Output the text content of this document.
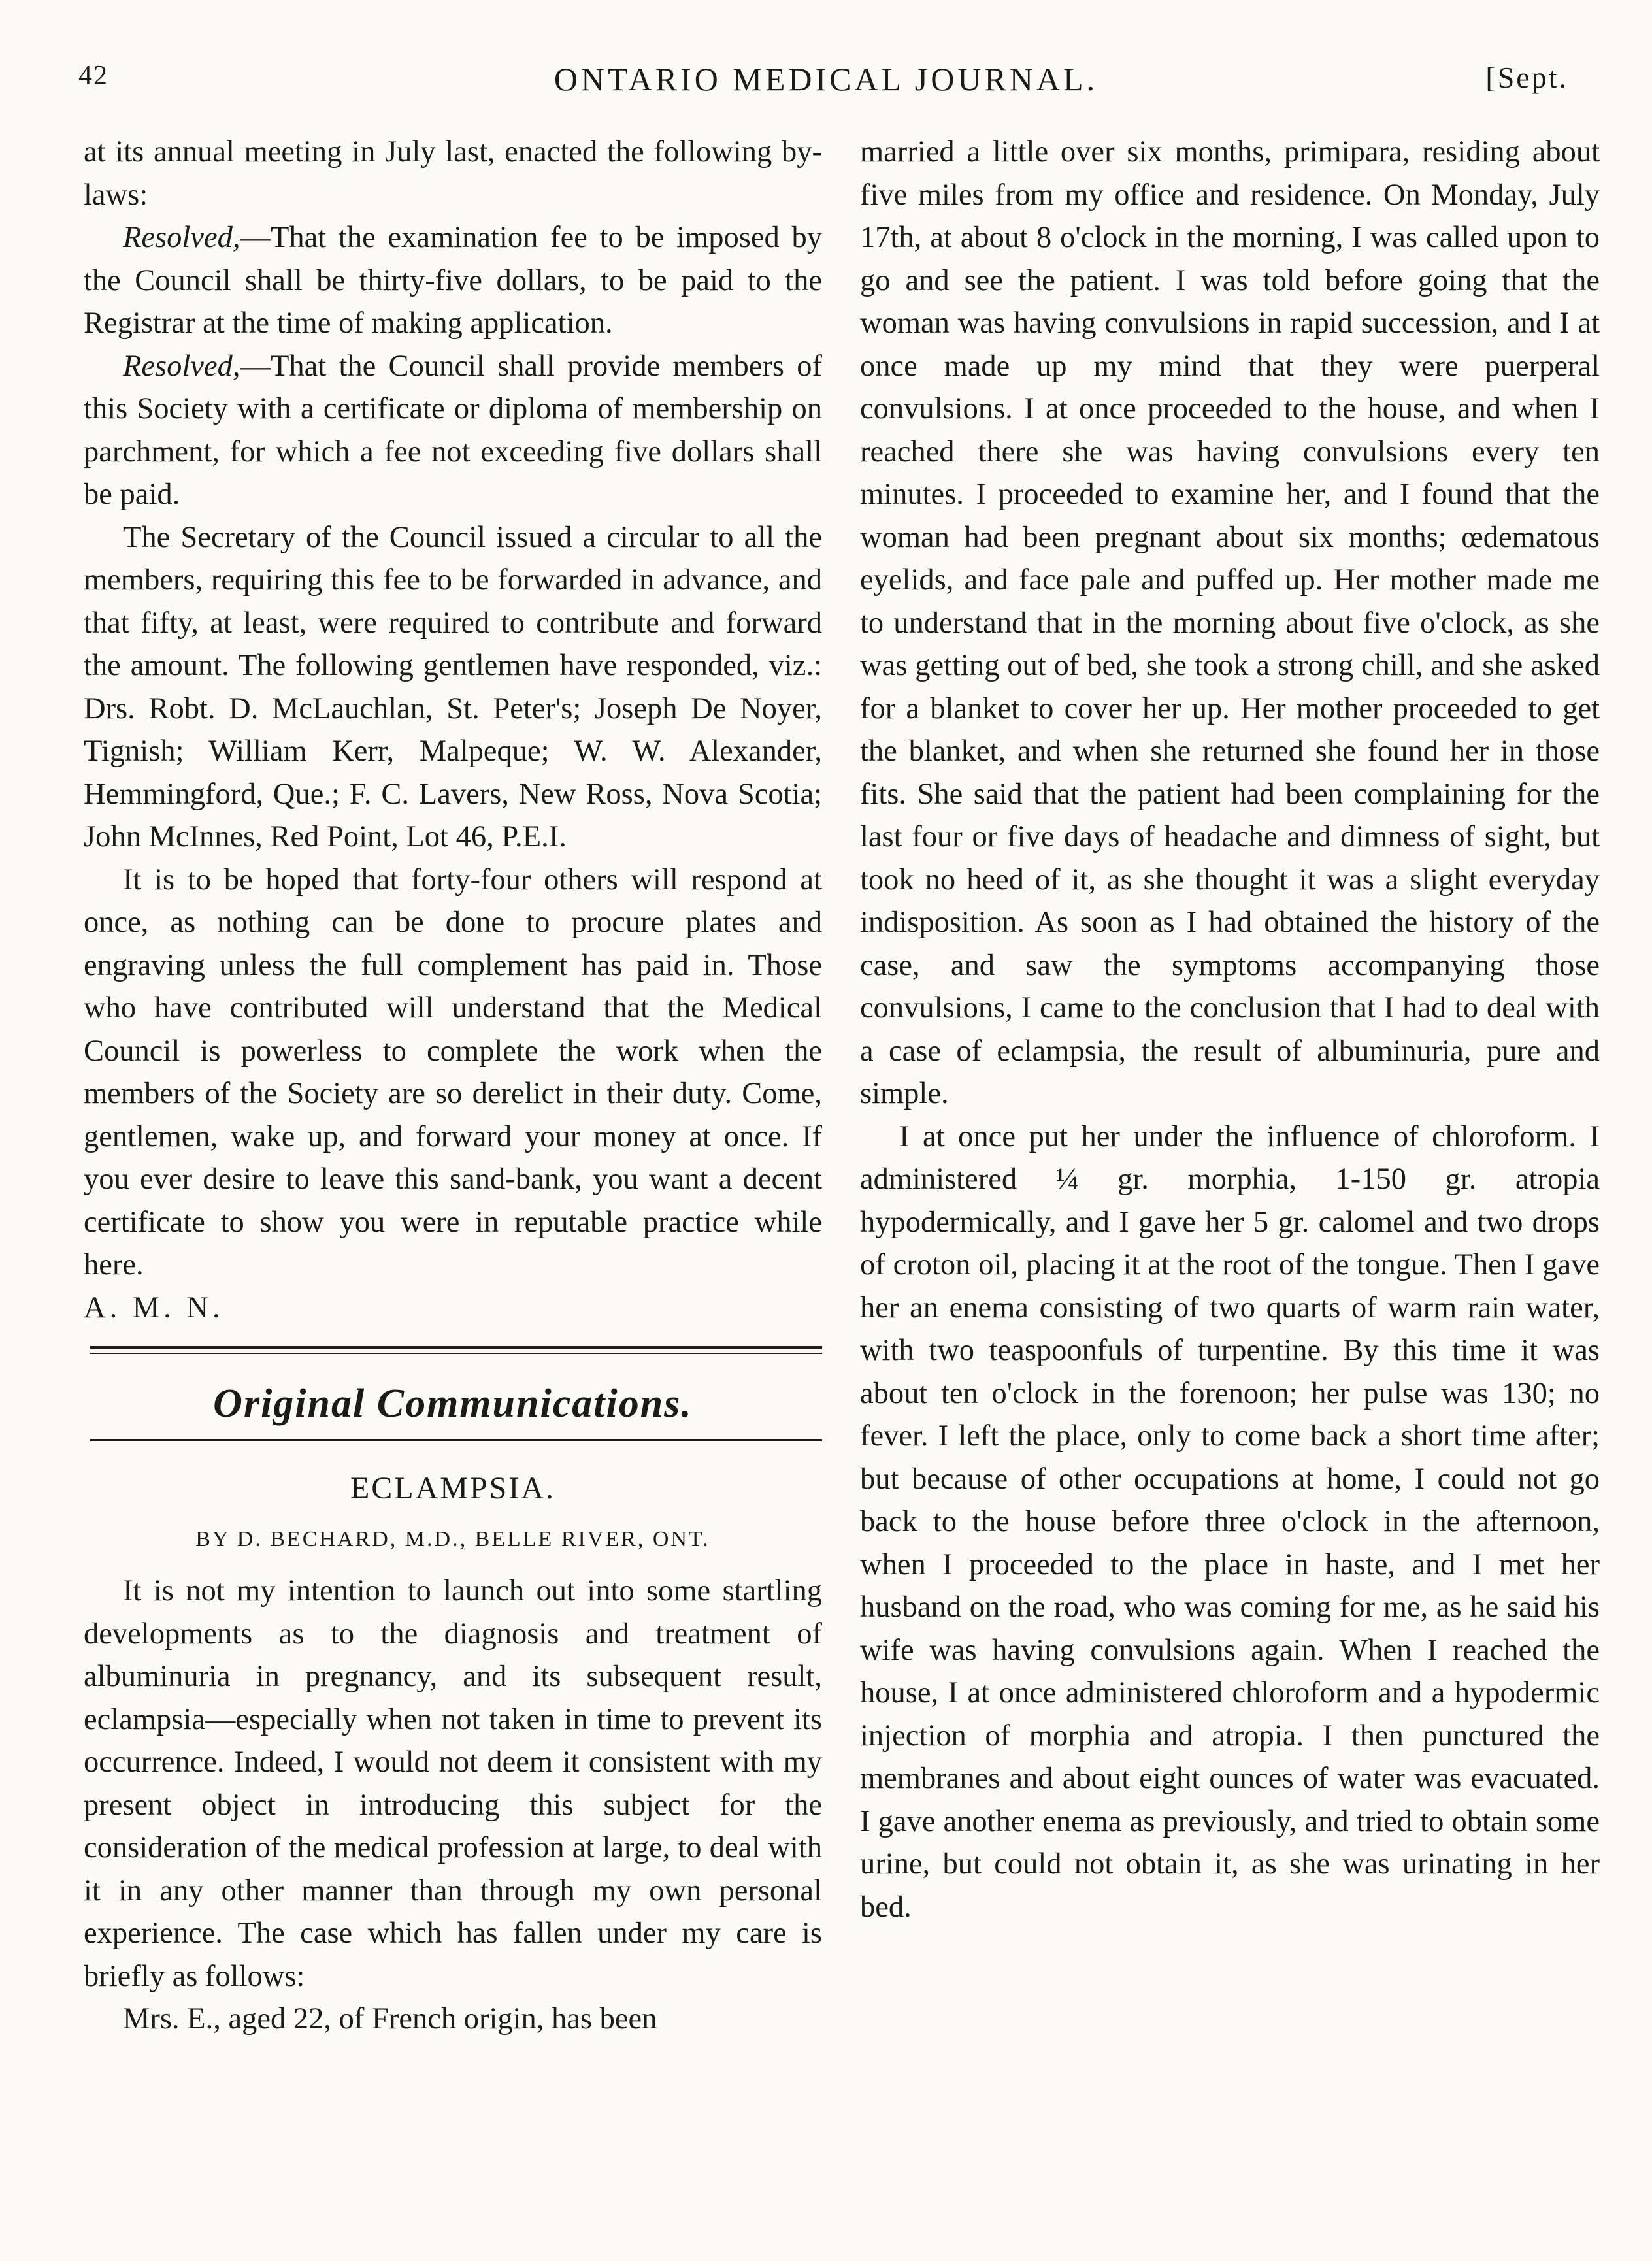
42	ONTARIO MEDICAL JOURNAL.	[Sept.

at its annual meeting in July last, enacted the following by-laws:

Resolved,—That the examination fee to be imposed by the Council shall be thirty-five dollars, to be paid to the Registrar at the time of making application.

Resolved,—That the Council shall provide members of this Society with a certificate or diploma of membership on parchment, for which a fee not exceeding five dollars shall be paid.

The Secretary of the Council issued a circular to all the members, requiring this fee to be forwarded in advance, and that fifty, at least, were required to contribute and forward the amount. The following gentlemen have responded, viz.: Drs. Robt. D. McLauchlan, St. Peter's; Joseph De Noyer, Tignish; William Kerr, Malpeque; W. W. Alexander, Hemmingford, Que.; F. C. Lavers, New Ross, Nova Scotia; John McInnes, Red Point, Lot 46, P.E.I.

It is to be hoped that forty-four others will respond at once, as nothing can be done to procure plates and engraving unless the full complement has paid in. Those who have contributed will understand that the Medical Council is powerless to complete the work when the members of the Society are so derelict in their duty. Come, gentlemen, wake up, and forward your money at once. If you ever desire to leave this sand-bank, you want a decent certificate to show you were in reputable practice while here.

A. M. N.

Original Communications.
ECLAMPSIA.
BY D. BECHARD, M.D., BELLE RIVER, ONT.

It is not my intention to launch out into some startling developments as to the diagnosis and treatment of albuminuria in pregnancy, and its subsequent result, eclampsia—especially when not taken in time to prevent its occurrence. Indeed, I would not deem it consistent with my present object in introducing this subject for the consideration of the medical profession at large, to deal with it in any other manner than through my own personal experience. The case which has fallen under my care is briefly as follows:

Mrs. E., aged 22, of French origin, has been

married a little over six months, primipara, residing about five miles from my office and residence. On Monday, July 17th, at about 8 o'clock in the morning, I was called upon to go and see the patient. I was told before going that the woman was having convulsions in rapid succession, and I at once made up my mind that they were puerperal convulsions. I at once proceeded to the house, and when I reached there she was having convulsions every ten minutes. I proceeded to examine her, and I found that the woman had been pregnant about six months; œdematous eyelids, and face pale and puffed up. Her mother made me to understand that in the morning about five o'clock, as she was getting out of bed, she took a strong chill, and she asked for a blanket to cover her up. Her mother proceeded to get the blanket, and when she returned she found her in those fits. She said that the patient had been complaining for the last four or five days of headache and dimness of sight, but took no heed of it, as she thought it was a slight everyday indisposition. As soon as I had obtained the history of the case, and saw the symptoms accompanying those convulsions, I came to the conclusion that I had to deal with a case of eclampsia, the result of albuminuria, pure and simple.

I at once put her under the influence of chloroform. I administered ¼ gr. morphia, 1-150 gr. atropia hypodermically, and I gave her 5 gr. calomel and two drops of croton oil, placing it at the root of the tongue. Then I gave her an enema consisting of two quarts of warm rain water, with two teaspoonfuls of turpentine. By this time it was about ten o'clock in the forenoon; her pulse was 130; no fever. I left the place, only to come back a short time after; but because of other occupations at home, I could not go back to the house before three o'clock in the afternoon, when I proceeded to the place in haste, and I met her husband on the road, who was coming for me, as he said his wife was having convulsions again. When I reached the house, I at once administered chloroform and a hypodermic injection of morphia and atropia. I then punctured the membranes and about eight ounces of water was evacuated. I gave another enema as previously, and tried to obtain some urine, but could not obtain it, as she was urinating in her bed.
